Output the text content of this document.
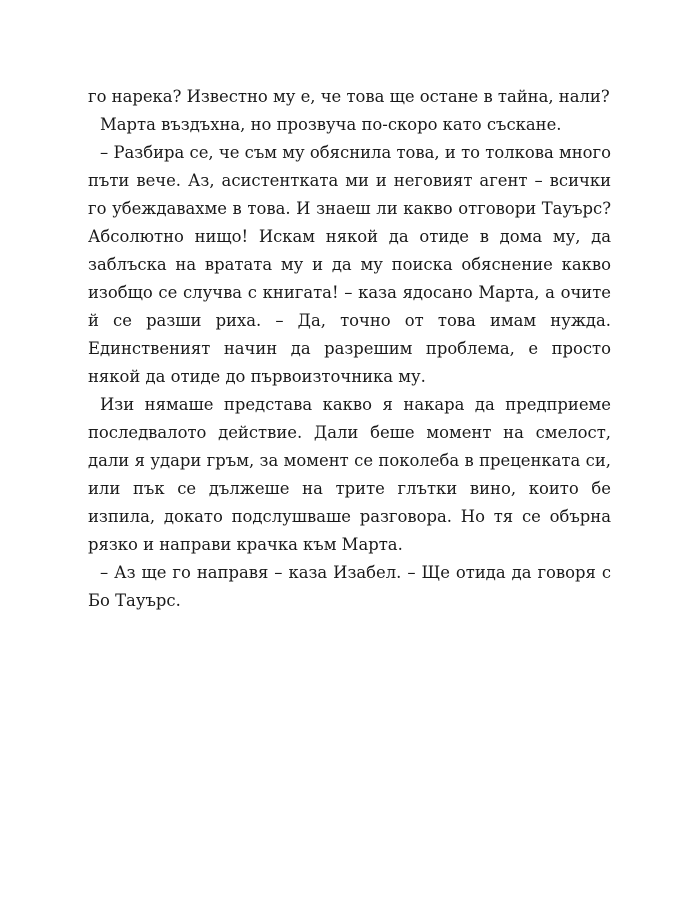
го нарека? Известно му е, че това ще остане в тайна, нали?
Марта въздъхна, но прозвуча по-скоро като съскане.
– Разбира се, че съм му обяснила това, и то толкова много
пъти вече. Аз, асистентката ми и неговият агент – всички
го убеждавахме в това. И знаеш ли какво отговори Тауърс?
Абсолютно нищо! Искам някой да отиде в дома му, да
заблъска на вратата му и да му поиска обяснение какво
изобщо се случва с книгата! – каза ядосано Марта, а очите
й се разши риха. – Да, точно от това имам нужда.
Единственият начин да разрешим проблема, е просто
някой да отиде до първоизточника му.
Изи нямаше представа какво я накара да предприеме
последвалото действие. Дали беше момент на смелост,
дали я удари гръм, за момент се поколеба в преценката си,
или пък се дължеше на трите глътки вино, които бе
изпила, докато подслушваше разговора. Но тя се обърна
рязко и направи крачка към Марта.
– Аз ще го направя – каза Изабел. – Ще отида да говоря с
Бо Тауърс.
